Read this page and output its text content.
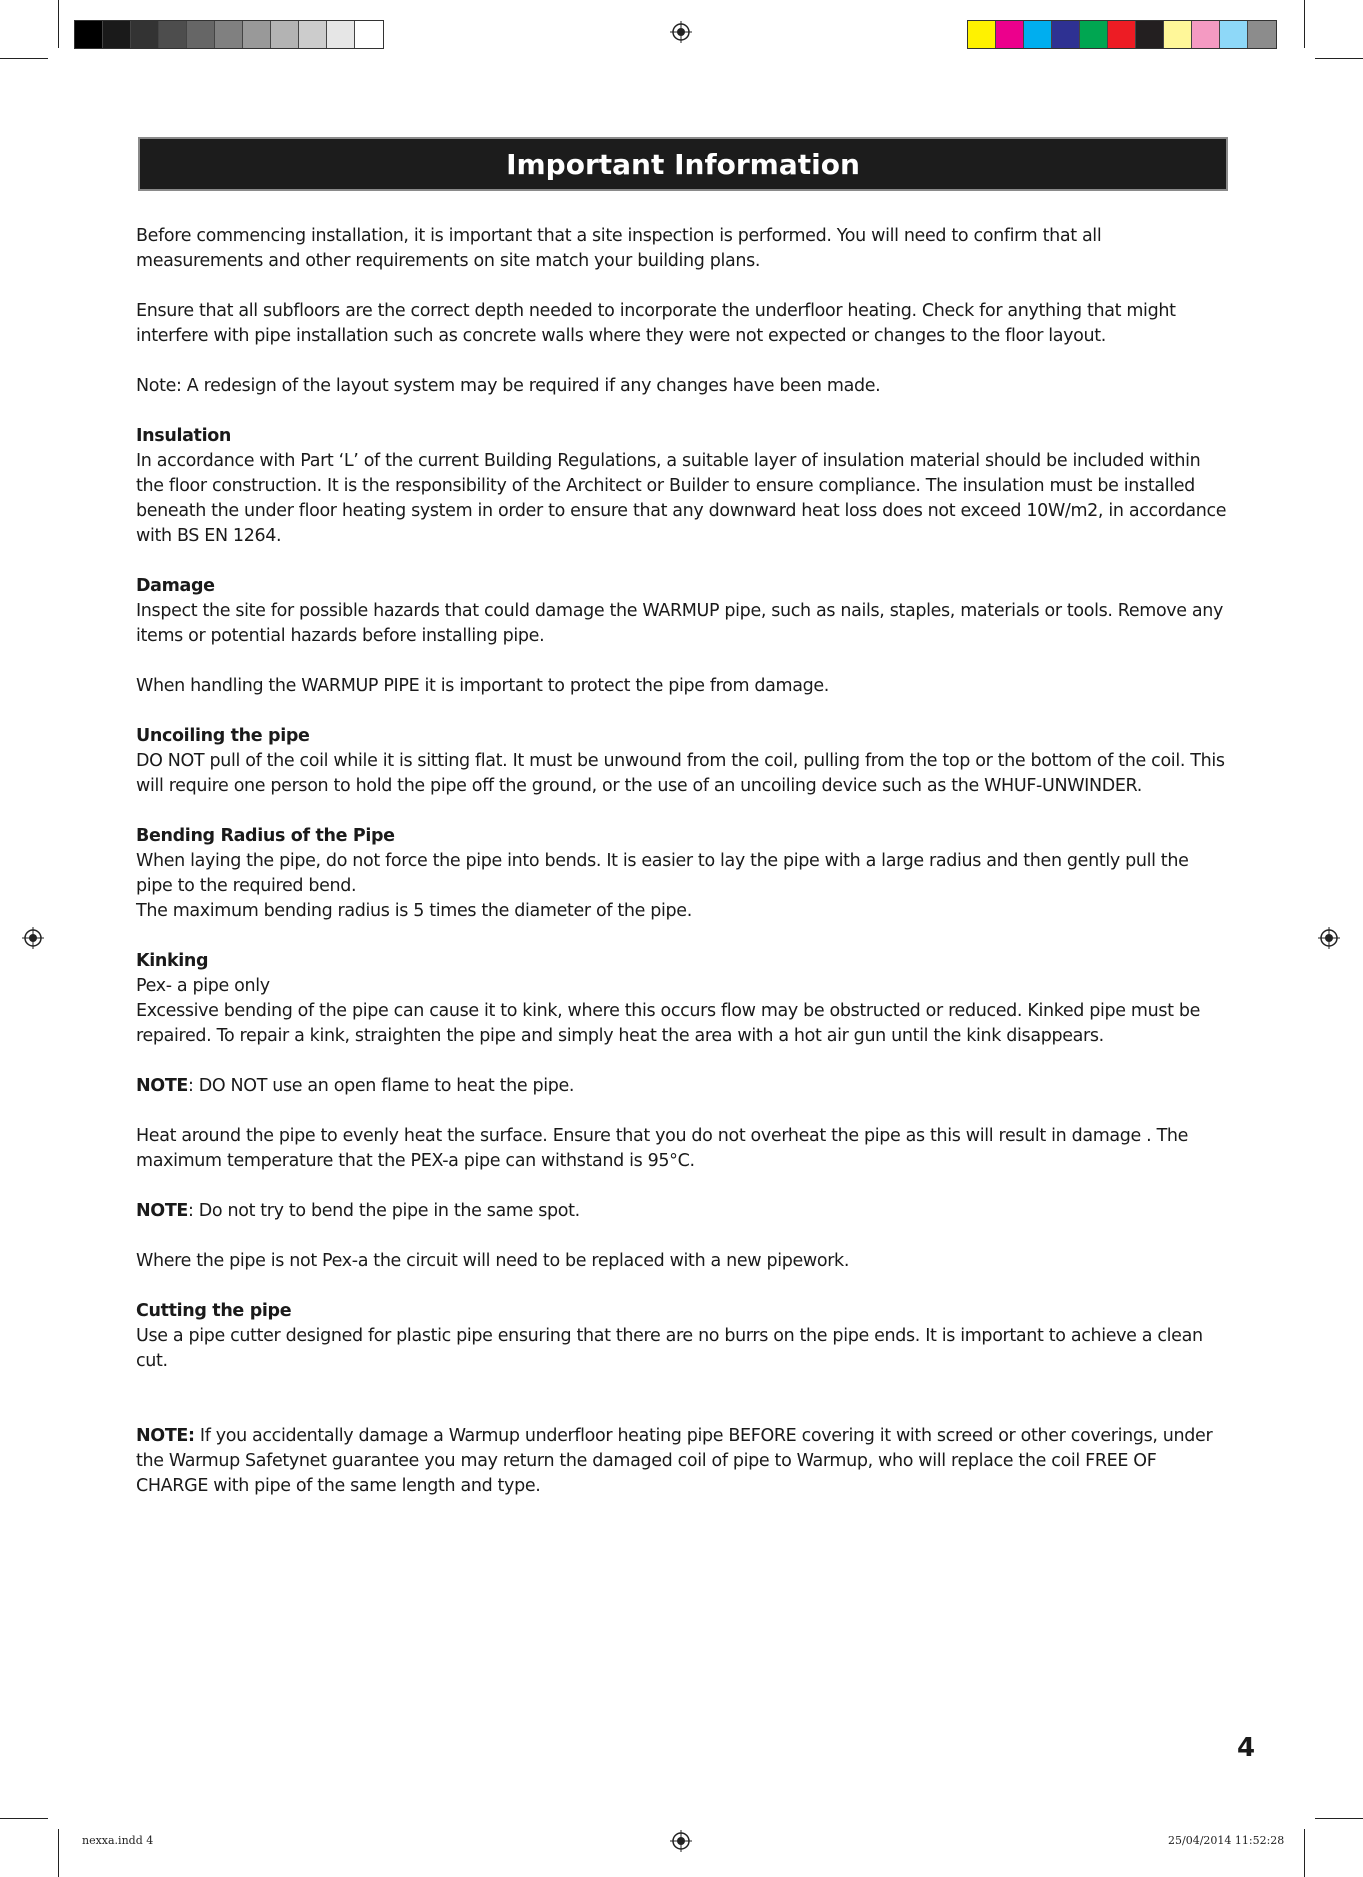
Important Information

Before commencing installation, it is important that a site inspection is performed. You will need to confirm that all measurements and other requirements on site match your building plans.

Ensure that all subfloors are the correct depth needed to incorporate the underfloor heating. Check for anything that might interfere with pipe installation such as concrete walls where they were not expected or changes to the floor layout.

Note: A redesign of the layout system may be required if any changes have been made.

Insulation
In accordance with Part ‘L’ of the current Building Regulations, a suitable layer of insulation material should be included within the floor construction. It is the responsibility of the Architect or Builder to ensure compliance. The insulation must be installed beneath the under floor heating system in order to ensure that any downward heat loss does not exceed 10W/m2, in accordance with BS EN 1264.

Damage
Inspect the site for possible hazards that could damage the WARMUP pipe, such as nails, staples, materials or tools. Remove any items or potential hazards before installing pipe.

When handling the WARMUP PIPE it is important to protect the pipe from damage.

Uncoiling the pipe
DO NOT pull of the coil while it is sitting flat. It must be unwound from the coil, pulling from the top or the bottom of the coil. This will require one person to hold the pipe off the ground, or the use of an uncoiling device such as the WHUF-UNWINDER.

Bending Radius of the Pipe
When laying the pipe, do not force the pipe into bends. It is easier to lay the pipe with a large radius and then gently pull the pipe to the required bend.
The maximum bending radius is 5 times the diameter of the pipe.

Kinking
Pex- a pipe only
Excessive bending of the pipe can cause it to kink, where this occurs flow may be obstructed or reduced. Kinked pipe must be repaired. To repair a kink, straighten the pipe and simply heat the area with a hot air gun until the kink disappears.

NOTE: DO NOT use an open flame to heat the pipe.

Heat around the pipe to evenly heat the surface. Ensure that you do not overheat the pipe as this will result in damage . The maximum temperature that the PEX-a pipe can withstand is 95°C.

NOTE: Do not try to bend the pipe in the same spot.

Where the pipe is not Pex-a the circuit will need to be replaced with a new pipework.

Cutting the pipe
Use a pipe cutter designed for plastic pipe ensuring that there are no burrs on the pipe ends. It is important to achieve a clean cut.

NOTE: If you accidentally damage a Warmup underfloor heating pipe BEFORE covering it with screed or other coverings, under the Warmup Safetynet guarantee you may return the damaged coil of pipe to Warmup, who will replace the coil FREE OF CHARGE with pipe of the same length and type.

4
nexxa.indd 4	25/04/2014 11:52:28
